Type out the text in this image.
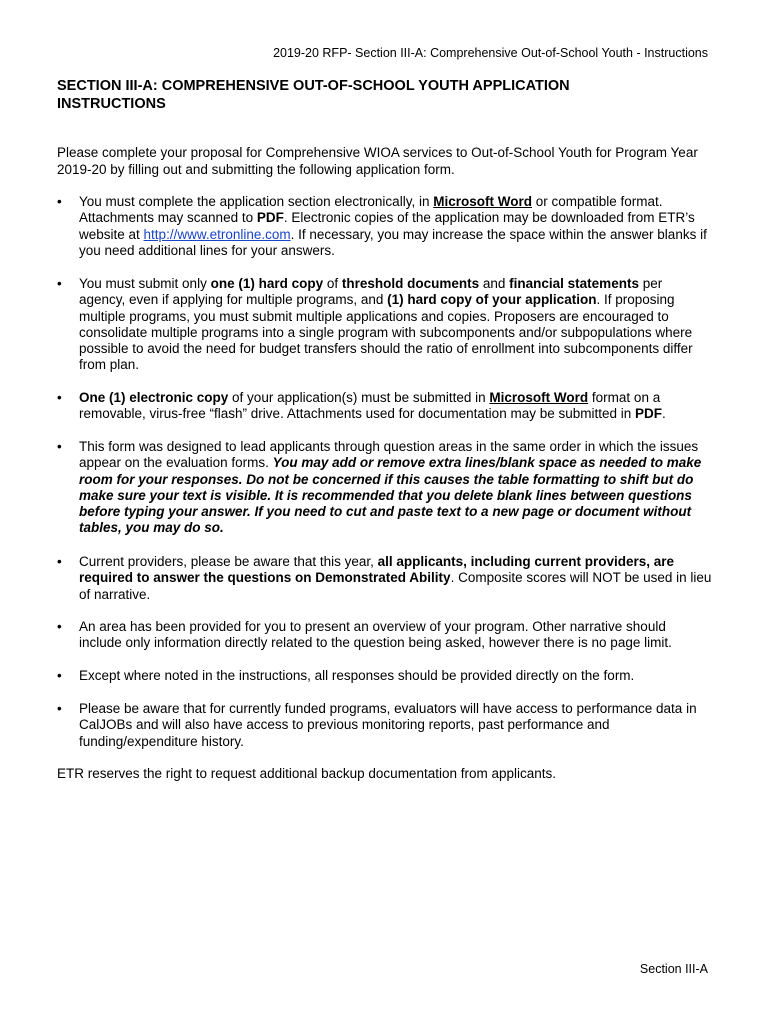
2019-20 RFP- Section III-A: Comprehensive Out-of-School Youth - Instructions
SECTION III-A: COMPREHENSIVE OUT-OF-SCHOOL YOUTH APPLICATION
INSTRUCTIONS

Please complete your proposal for Comprehensive WIOA services to Out-of-School Youth for Program Year 2019-20 by filling out and submitting the following application form.

•	You must complete the application section electronically, in Microsoft Word or compatible format. Attachments may scanned to PDF. Electronic copies of the application may be downloaded from ETR’s website at http://www.etronline.com. If necessary, you may increase the space within the answer blanks if you need additional lines for your answers.
•	You must submit only one (1) hard copy of threshold documents and financial statements per agency, even if applying for multiple programs, and (1) hard copy of your application. If proposing multiple programs, you must submit multiple applications and copies. Proposers are encouraged to consolidate multiple programs into a single program with subcomponents and/or subpopulations where possible to avoid the need for budget transfers should the ratio of enrollment into subcomponents differ from plan.
•	One (1) electronic copy of your application(s) must be submitted in Microsoft Word format on a removable, virus-free “flash” drive. Attachments used for documentation may be submitted in PDF.
•	This form was designed to lead applicants through question areas in the same order in which the issues appear on the evaluation forms. You may add or remove extra lines/blank space as needed to make room for your responses. Do not be concerned if this causes the table formatting to shift but do make sure your text is visible. It is recommended that you delete blank lines between questions before typing your answer. If you need to cut and paste text to a new page or document without tables, you may do so.
•	Current providers, please be aware that this year, all applicants, including current providers, are required to answer the questions on Demonstrated Ability. Composite scores will NOT be used in lieu of narrative.
•	An area has been provided for you to present an overview of your program. Other narrative should include only information directly related to the question being asked, however there is no page limit.
•	Except where noted in the instructions, all responses should be provided directly on the form.
•	Please be aware that for currently funded programs, evaluators will have access to performance data in CalJOBs and will also have access to previous monitoring reports, past performance and funding/expenditure history.

ETR reserves the right to request additional backup documentation from applicants.

Section III-A
